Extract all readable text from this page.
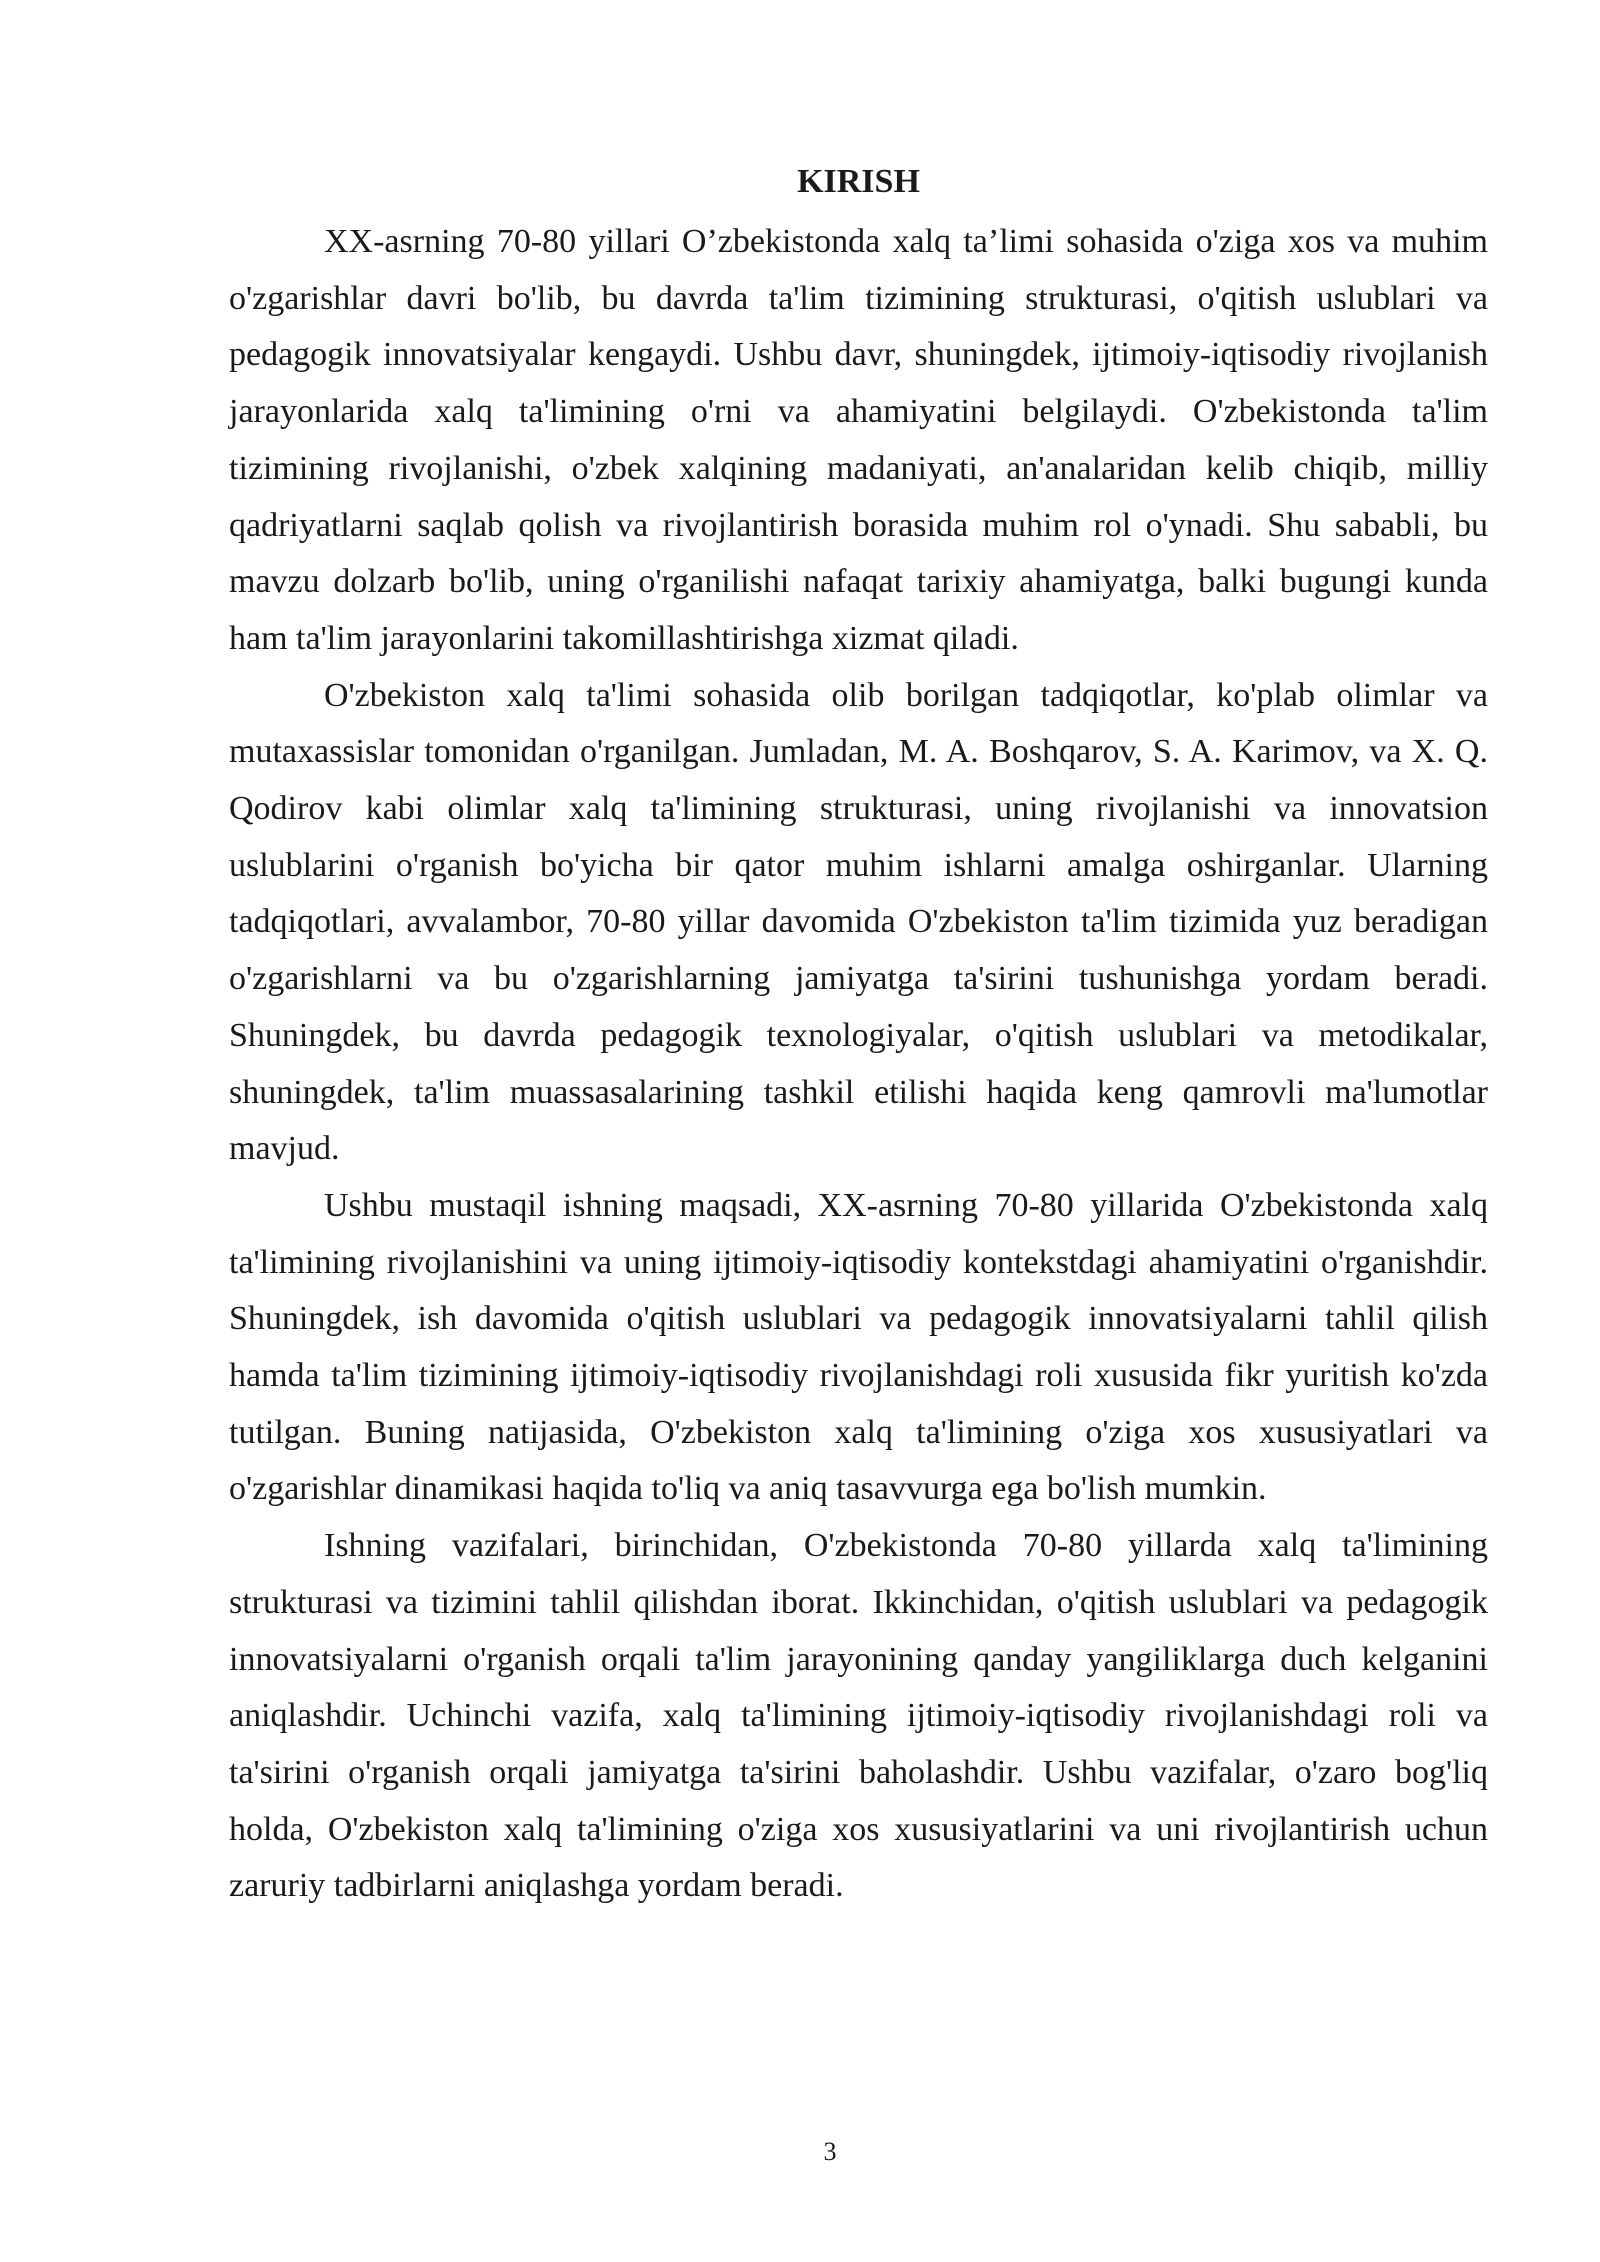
KIRISH

XX-asrning 70-80 yillari O’zbekistonda xalq ta’limi sohasida o'ziga xos va muhim o'zgarishlar davri bo'lib, bu davrda ta'lim tizimining strukturasi, o'qitish uslublari va pedagogik innovatsiyalar kengaydi. Ushbu davr, shuningdek, ijtimoiy-iqtisodiy rivojlanish jarayonlarida xalq ta'limining o'rni va ahamiyatini belgilaydi. O'zbekistonda ta'lim tizimining rivojlanishi, o'zbek xalqining madaniyati, an'analaridan kelib chiqib, milliy qadriyatlarni saqlab qolish va rivojlantirish borasida muhim rol o'ynadi. Shu sababli, bu mavzu dolzarb bo'lib, uning o'rganilishi nafaqat tarixiy ahamiyatga, balki bugungi kunda ham ta'lim jarayonlarini takomillashtirishga xizmat qiladi.

O'zbekiston xalq ta'limi sohasida olib borilgan tadqiqotlar, ko'plab olimlar va mutaxassislar tomonidan o'rganilgan. Jumladan, M. A. Boshqarov, S. A. Karimov, va X. Q. Qodirov kabi olimlar xalq ta'limining strukturasi, uning rivojlanishi va innovatsion uslublarini o'rganish bo'yicha bir qator muhim ishlarni amalga oshirganlar. Ularning tadqiqotlari, avvalambor, 70-80 yillar davomida O'zbekiston ta'lim tizimida yuz beradigan o'zgarishlarni va bu o'zgarishlarning jamiyatga ta'sirini tushunishga yordam beradi. Shuningdek, bu davrda pedagogik texnologiyalar, o'qitish uslublari va metodikalar, shuningdek, ta'lim muassasalarining tashkil etilishi haqida keng qamrovli ma'lumotlar mavjud.

Ushbu mustaqil ishning maqsadi, XX-asrning 70-80 yillarida O'zbekistonda xalq ta'limining rivojlanishini va uning ijtimoiy-iqtisodiy kontekstdagi ahamiyatini o'rganishdir. Shuningdek, ish davomida o'qitish uslublari va pedagogik innovatsiyalarni tahlil qilish hamda ta'lim tizimining ijtimoiy-iqtisodiy rivojlanishdagi roli xususida fikr yuritish ko'zda tutilgan. Buning natijasida, O'zbekiston xalq ta'limining o'ziga xos xususiyatlari va o'zgarishlar dinamikasi haqida to'liq va aniq tasavvurga ega bo'lish mumkin.

Ishning vazifalari, birinchidan, O'zbekistonda 70-80 yillarda xalq ta'limining strukturasi va tizimini tahlil qilishdan iborat. Ikkinchidan, o'qitish uslublari va pedagogik innovatsiyalarni o'rganish orqali ta'lim jarayonining qanday yangiliklarga duch kelganini aniqlashdir. Uchinchi vazifa, xalq ta'limining ijtimoiy-iqtisodiy rivojlanishdagi roli va ta'sirini o'rganish orqali jamiyatga ta'sirini baholashdir. Ushbu vazifalar, o'zaro bog'liq holda, O'zbekiston xalq ta'limining o'ziga xos xususiyatlarini va uni rivojlantirish uchun zaruriy tadbirlarni aniqlashga yordam beradi.

3
